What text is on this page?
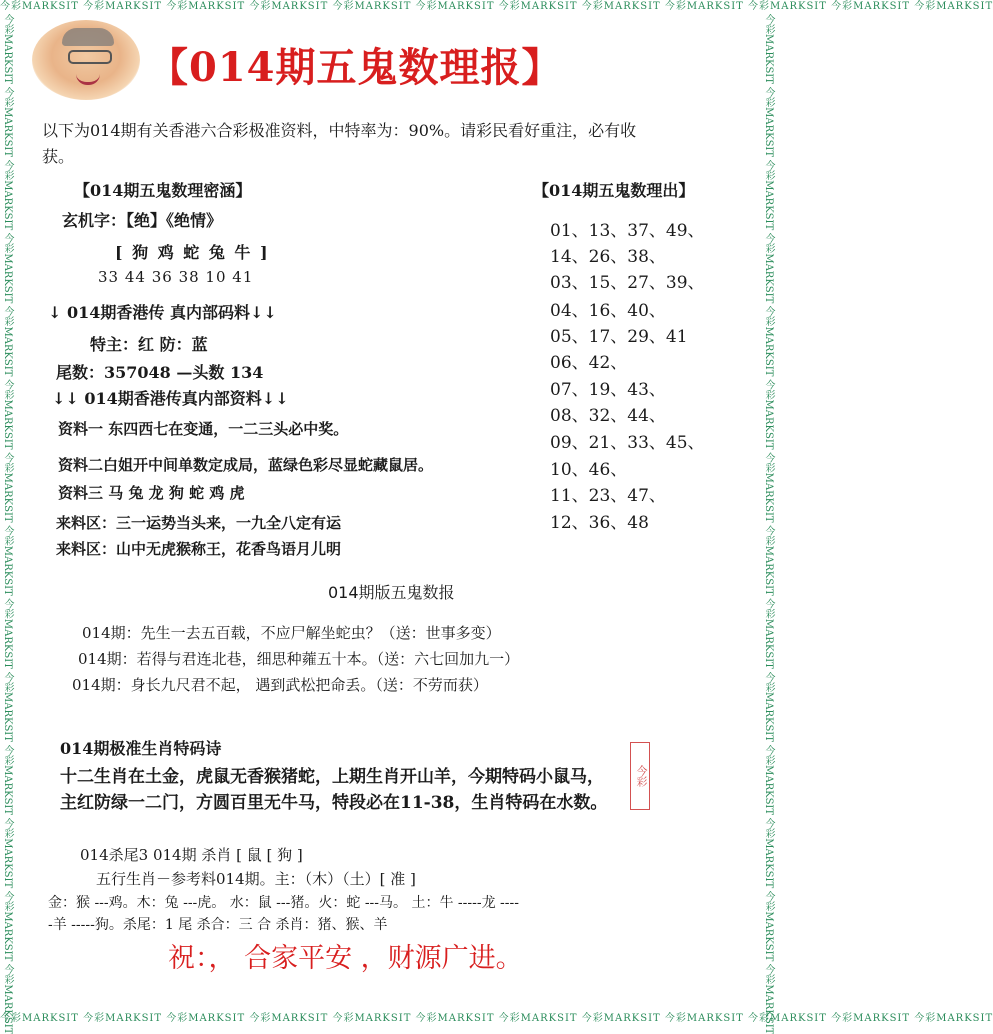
今彩MARKSIT 今彩MARKSIT 今彩MARKSIT 今彩MARKSIT 今彩MARKSIT 今彩MARKSIT 今彩MARKSIT 今彩MARKSIT 今彩MARKSIT 今彩MARKSIT 今彩MARKSIT 今彩MARKSIT
今彩MARKSIT 今彩MARKSIT 今彩MARKSIT 今彩MARKSIT 今彩MARKSIT 今彩MARKSIT 今彩MARKSIT 今彩MARKSIT 今彩MARKSIT 今彩MARKSIT 今彩MARKSIT 今彩MARKSIT
今彩MARKSIT 今彩MARKSIT 今彩MARKSIT 今彩MARKSIT 今彩MARKSIT 今彩MARKSIT 今彩MARKSIT 今彩MARKSIT 今彩MARKSIT 今彩MARKSIT 今彩MARKSIT 今彩MARKSIT 今彩MARKSIT 今彩MARKSIT	今彩MARKSIT 今彩MARKSIT 今彩MARKSIT 今彩MARKSIT 今彩MARKSIT 今彩MARKSIT 今彩MARKSIT 今彩MARKSIT 今彩MARKSIT 今彩MARKSIT 今彩MARKSIT 今彩MARKSIT 今彩MARKSIT 今彩MARKSIT
【014期五鬼数理报】
以下为014期有关香港六合彩极准资料，中特率为：90%。请彩民看好重注，必有收
获。
【014期五鬼数理密涵】
玄机字：【绝】《绝情》
[ 狗 鸡 蛇 兔 牛 ]
33 44 36 38 10 41
↓ 014期香港传 真内部码料↓↓
特主：红 防：蓝
尾数：357048 —头数 134
↓↓ 014期香港传真内部资料↓↓
资料一 东四西七在变通，一二三头必中奖。
资料二白姐开中间单数定成局，蓝绿色彩尽显蛇藏鼠居。
资料三 马 兔 龙 狗 蛇 鸡 虎
来料区：三一运势当头来，一九全八定有运
来料区：山中无虎猴称王，花香鸟语月儿明
【014期五鬼数理出】
01、13、37、49、
14、26、38、
03、15、27、39、
04、16、40、
05、17、29、41
06、42、
07、19、43、
08、32、44、
09、21、33、45、
10、46、
11、23、47、
12、36、48
014期版五鬼数报
014期：先生一去五百载，不应尸解坐蛇虫？（送：世事多变）
014期：若得与君连北巷，细思种蕹五十本。（送：六七回加九一）
014期：身长九尺君不起， 遇到武松把命丢。（送：不劳而获）
014期极准生肖特码诗
十二生肖在土金，虎鼠无香猴猪蛇，上期生肖开山羊，今期特码小鼠马，
主红防绿一二门，方圆百里无牛马，特段必在11-38，生肖特码在水数。
今彩
014杀尾3 014期 杀肖 [ 鼠 [ 狗 ]
五行生肖－参考料014期。主：（木）（土）[ 准 ]
金：猴 ---鸡。木：兔 ---虎。 水：鼠 ---猪。火：蛇 ---马。 土：牛 -----龙 ----
-羊 -----狗。杀尾：1 尾 杀合：三 合 杀肖：猪、猴、羊
祝：， 合家平安 ，财源广进。
